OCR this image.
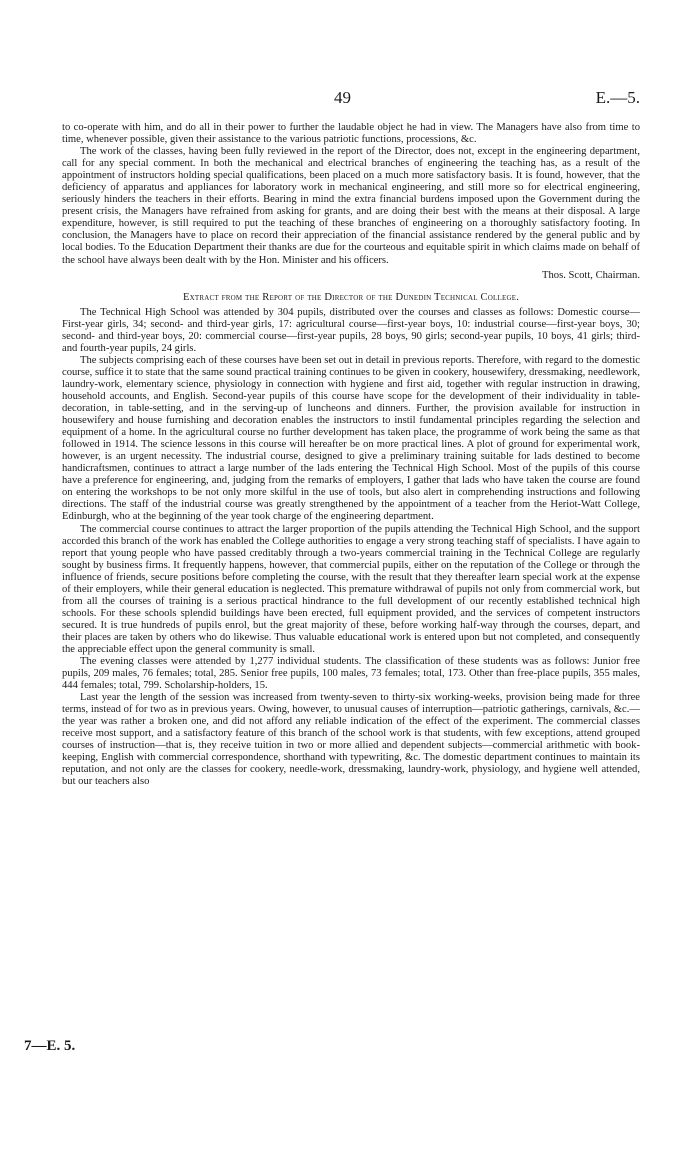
49	E.—5.

to co-operate with him, and do all in their power to further the laudable object he had in view. The Managers have also from time to time, whenever possible, given their assistance to the various patriotic functions, processions, &c.

The work of the classes, having been fully reviewed in the report of the Director, does not, except in the engineering department, call for any special comment. In both the mechanical and electrical branches of engineering the teaching has, as a result of the appointment of instructors holding special qualifications, been placed on a much more satisfactory basis. It is found, however, that the deficiency of apparatus and appliances for laboratory work in mechanical engineering, and still more so for electrical engineering, seriously hinders the teachers in their efforts. Bearing in mind the extra financial burdens imposed upon the Government during the present crisis, the Managers have refrained from asking for grants, and are doing their best with the means at their disposal. A large expenditure, however, is still required to put the teaching of these branches of engineering on a thoroughly satisfactory footing. In conclusion, the Managers have to place on record their appreciation of the financial assistance rendered by the general public and by local bodies. To the Education Department their thanks are due for the courteous and equitable spirit in which claims made on behalf of the school have always been dealt with by the Hon. Minister and his officers.

Thos. Scott, Chairman.
Extract from the Report of the Director of the Dunedin Technical College.

The Technical High School was attended by 304 pupils, distributed over the courses and classes as follows: Domestic course—First-year girls, 34; second- and third-year girls, 17: agricultural course—first-year boys, 10: industrial course—first-year boys, 30; second- and third-year boys, 20: commercial course—first-year pupils, 28 boys, 90 girls; second-year pupils, 10 boys, 41 girls; third- and fourth-year pupils, 24 girls.

The subjects comprising each of these courses have been set out in detail in previous reports. Therefore, with regard to the domestic course, suffice it to state that the same sound practical training continues to be given in cookery, housewifery, dressmaking, needlework, laundry-work, elementary science, physiology in connection with hygiene and first aid, together with regular instruction in drawing, household accounts, and English. Second-year pupils of this course have scope for the development of their individuality in table-decoration, in table-setting, and in the serving-up of luncheons and dinners. Further, the provision available for instruction in housewifery and house furnishing and decoration enables the instructors to instil fundamental principles regarding the selection and equipment of a home. In the agricultural course no further development has taken place, the programme of work being the same as that followed in 1914. The science lessons in this course will hereafter be on more practical lines. A plot of ground for experimental work, however, is an urgent necessity. The industrial course, designed to give a preliminary training suitable for lads destined to become handicraftsmen, continues to attract a large number of the lads entering the Technical High School. Most of the pupils of this course have a preference for engineering, and, judging from the remarks of employers, I gather that lads who have taken the course are found on entering the workshops to be not only more skilful in the use of tools, but also alert in comprehending instructions and following directions. The staff of the industrial course was greatly strengthened by the appointment of a teacher from the Heriot-Watt College, Edinburgh, who at the beginning of the year took charge of the engineering department.

The commercial course continues to attract the larger proportion of the pupils attending the Technical High School, and the support accorded this branch of the work has enabled the College authorities to engage a very strong teaching staff of specialists. I have again to report that young people who have passed creditably through a two-years commercial training in the Technical College are regularly sought by business firms. It frequently happens, however, that commercial pupils, either on the reputation of the College or through the influence of friends, secure positions before completing the course, with the result that they thereafter learn special work at the expense of their employers, while their general education is neglected. This premature withdrawal of pupils not only from commercial work, but from all the courses of training is a serious practical hindrance to the full development of our recently established technical high schools. For these schools splendid buildings have been erected, full equipment provided, and the services of competent instructors secured. It is true hundreds of pupils enrol, but the great majority of these, before working half-way through the courses, depart, and their places are taken by others who do likewise. Thus valuable educational work is entered upon but not completed, and consequently the appreciable effect upon the general community is small.

The evening classes were attended by 1,277 individual students. The classification of these students was as follows: Junior free pupils, 209 males, 76 females; total, 285. Senior free pupils, 100 males, 73 females; total, 173. Other than free-place pupils, 355 males, 444 females; total, 799. Scholarship-holders, 15.

Last year the length of the session was increased from twenty-seven to thirty-six working-weeks, provision being made for three terms, instead of for two as in previous years. Owing, however, to unusual causes of interruption—patriotic gatherings, carnivals, &c.—the year was rather a broken one, and did not afford any reliable indication of the effect of the experiment. The commercial classes receive most support, and a satisfactory feature of this branch of the school work is that students, with few exceptions, attend grouped courses of instruction—that is, they receive tuition in two or more allied and dependent subjects—commercial arithmetic with book-keeping, English with commercial correspondence, shorthand with typewriting, &c. The domestic department continues to maintain its reputation, and not only are the classes for cookery, needle-work, dressmaking, laundry-work, physiology, and hygiene well attended, but our teachers also

7—E. 5.
